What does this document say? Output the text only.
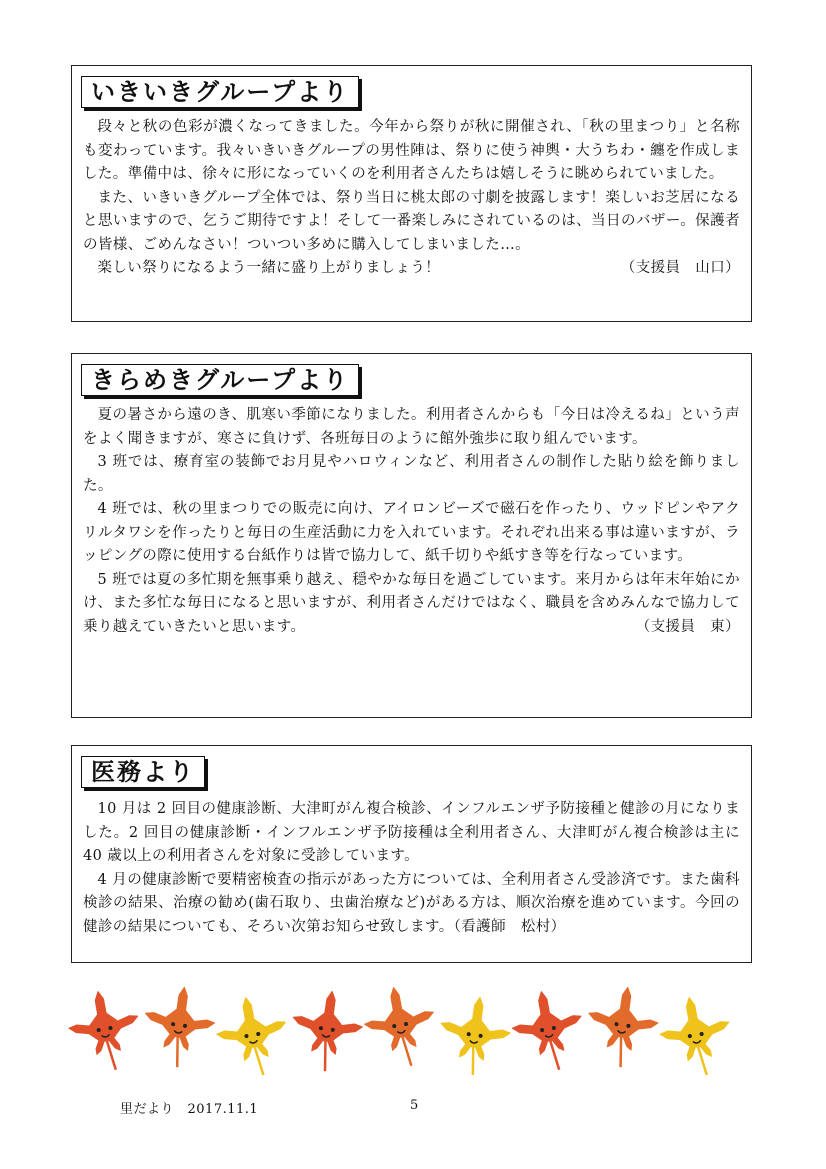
いきいきグループより

段々と秋の色彩が濃くなってきました。今年から祭りが秋に開催され、「秋の里まつり」と名称も変わっています。我々いきいきグループの男性陣は、祭りに使う神輿・大うちわ・纏を作成しました。準備中は、徐々に形になっていくのを利用者さんたちは嬉しそうに眺められていました。

また、いきいきグループ全体では、祭り当日に桃太郎の寸劇を披露します！楽しいお芝居になると思いますので、乞うご期待ですよ！そして一番楽しみにされているのは、当日のバザー。保護者の皆様、ごめんなさい！ついつい多めに購入してしまいました…。

（支援員　山口）
楽しい祭りになるよう一緒に盛り上がりましょう！

きらめきグループより

夏の暑さから遠のき、肌寒い季節になりました。利用者さんからも「今日は冷えるね」という声をよく聞きますが、寒さに負けず、各班毎日のように館外強歩に取り組んでいます。

3 班では、療育室の装飾でお月見やハロウィンなど、利用者さんの制作した貼り絵を飾りました。

4 班では、秋の里まつりでの販売に向け、アイロンビーズで磁石を作ったり、ウッドピンやアクリルタワシを作ったりと毎日の生産活動に力を入れています。それぞれ出来る事は違いますが、ラッピングの際に使用する台紙作りは皆で協力して、紙千切りや紙すき等を行なっています。

5 班では夏の多忙期を無事乗り越え、穏やかな毎日を過ごしています。来月からは年末年始にかけ、また多忙な毎日になると思いますが、利用者さんだけではなく、職員を含めみんなで協力して乗り越えていきたいと思います。	（支援員　東）

医務より

10 月は 2 回目の健康診断、大津町がん複合検診、インフルエンザ予防接種と健診の月になりました。2 回目の健康診断・インフルエンザ予防接種は全利用者さん、大津町がん複合検診は主に 40 歳以上の利用者さんを対象に受診しています。

4 月の健康診断で要精密検査の指示があった方については、全利用者さん受診済です。また歯科検診の結果、治療の勧め(歯石取り、虫歯治療など)がある方は、順次治療を進めています。今回の健診の結果についても、そろい次第お知らせ致します。（看護師　松村）

里だより　2017.11.1	5
